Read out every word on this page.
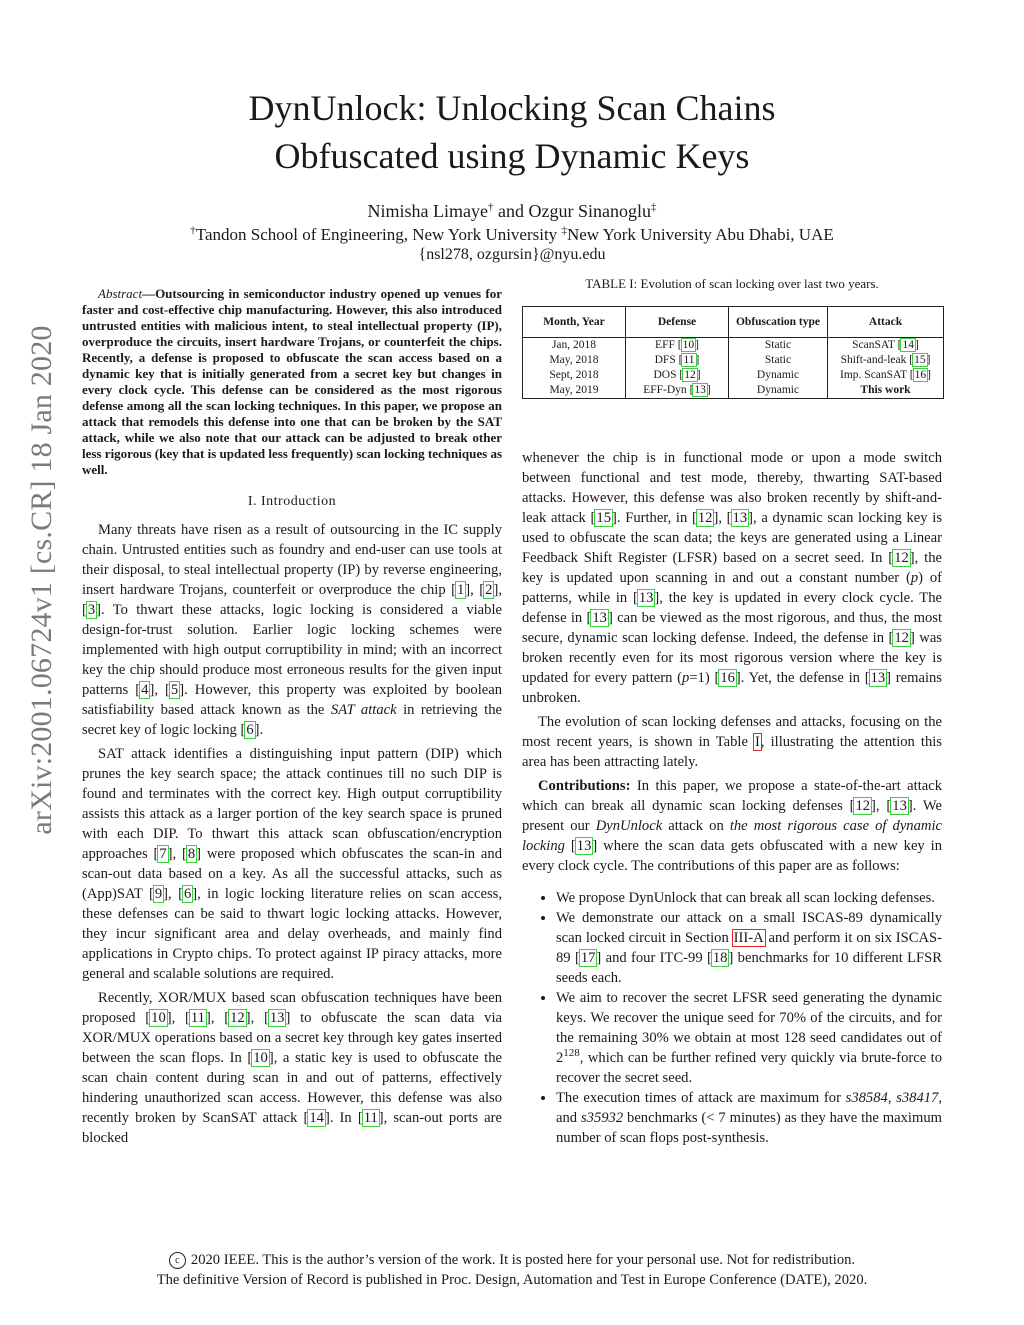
arXiv:2001.06724v1 [cs.CR] 18 Jan 2020
DynUnlock: Unlocking Scan Chains
Obfuscated using Dynamic Keys
Nimisha Limaye† and Ozgur Sinanoglu‡
†Tandon School of Engineering, New York University ‡New York University Abu Dhabi, UAE
{nsl278, ozgursin}@nyu.edu

Abstract—Outsourcing in semiconductor industry opened up venues for faster and cost-effective chip manufacturing. However, this also introduced untrusted entities with malicious intent, to steal intellectual property (IP), overproduce the circuits, insert hardware Trojans, or counterfeit the chips. Recently, a defense is proposed to obfuscate the scan access based on a dynamic key that is initially generated from a secret key but changes in every clock cycle. This defense can be considered as the most rigorous defense among all the scan locking techniques. In this paper, we propose an attack that remodels this defense into one that can be broken by the SAT attack, while we also note that our attack can be adjusted to break other less rigorous (key that is updated less frequently) scan locking techniques as well.

I. Introduction

Many threats have risen as a result of outsourcing in the IC supply chain. Untrusted entities such as foundry and end-user can use tools at their disposal, to steal intellectual property (IP) by reverse engineering, insert hardware Trojans, counterfeit or overproduce the chip [1], [2], [3]. To thwart these attacks, logic locking is considered a viable design-for-trust solution. Earlier logic locking schemes were implemented with high output corruptibility in mind; with an incorrect key the chip should produce most erroneous results for the given input patterns [4], [5]. However, this property was exploited by boolean satisfiability based attack known as the SAT attack in retrieving the secret key of logic locking [6].

SAT attack identifies a distinguishing input pattern (DIP) which prunes the key search space; the attack continues till no such DIP is found and terminates with the correct key. High output corruptibility assists this attack as a larger portion of the key search space is pruned with each DIP. To thwart this attack scan obfuscation/encryption approaches [7], [8] were proposed which obfuscates the scan-in and scan-out data based on a key. As all the successful attacks, such as (App)SAT [9], [6], in logic locking literature relies on scan access, these defenses can be said to thwart logic locking attacks. However, they incur significant area and delay overheads, and mainly find applications in Crypto chips. To protect against IP piracy attacks, more general and scalable solutions are required.

Recently, XOR/MUX based scan obfuscation techniques have been proposed [10], [11], [12], [13] to obfuscate the scan data via XOR/MUX operations based on a secret key through key gates inserted between the scan flops. In [10], a static key is used to obfuscate the scan chain content during scan in and out of patterns, effectively hindering unauthorized scan access. However, this defense was also recently broken by ScanSAT attack [14]. In [11], scan-out ports are blocked

TABLE I: Evolution of scan locking over last two years.

Month, Year	Defense	Obfuscation type	Attack
Jan, 2018	EFF [10]	Static	ScanSAT [14]
May, 2018	DFS [11]	Static	Shift-and-leak [15]
Sept, 2018	DOS [12]	Dynamic	Imp. ScanSAT [16]
May, 2019	EFF-Dyn [13]	Dynamic	This work

whenever the chip is in functional mode or upon a mode switch between functional and test mode, thereby, thwarting SAT-based attacks. However, this defense was also broken recently by shift-and-leak attack [15]. Further, in [12], [13], a dynamic scan locking key is used to obfuscate the scan data; the keys are generated using a Linear Feedback Shift Register (LFSR) based on a secret seed. In [12], the key is updated upon scanning in and out a constant number (p) of patterns, while in [13], the key is updated in every clock cycle. The defense in [13] can be viewed as the most rigorous, and thus, the most secure, dynamic scan locking defense. Indeed, the defense in [12] was broken recently even for its most rigorous version where the key is updated for every pattern (p=1) [16]. Yet, the defense in [13] remains unbroken.

The evolution of scan locking defenses and attacks, focusing on the most recent years, is shown in Table I, illustrating the attention this area has been attracting lately.

Contributions: In this paper, we propose a state-of-the-art attack which can break all dynamic scan locking defenses [12], [13]. We present our DynUnlock attack on the most rigorous case of dynamic locking [13] where the scan data gets obfuscated with a new key in every clock cycle. The contributions of this paper are as follows:

• We propose DynUnlock that can break all scan locking defenses.
• We demonstrate our attack on a small ISCAS-89 dynamically scan locked circuit in Section III-A and perform it on six ISCAS-89 [17] and four ITC-99 [18] benchmarks for 10 different LFSR seeds each.
• We aim to recover the secret LFSR seed generating the dynamic keys. We recover the unique seed for 70% of the circuits, and for the remaining 30% we obtain at most 128 seed candidates out of $2^{128}$, which can be further refined very quickly via brute-force to recover the secret seed.
• The execution times of attack are maximum for s38584, s38417, and s35932 benchmarks (< 7 minutes) as they have the maximum number of scan flops post-synthesis.
c 2020 IEEE. This is the author’s version of the work. It is posted here for your personal use. Not for redistribution.
The definitive Version of Record is published in Proc. Design, Automation and Test in Europe Conference (DATE), 2020.
